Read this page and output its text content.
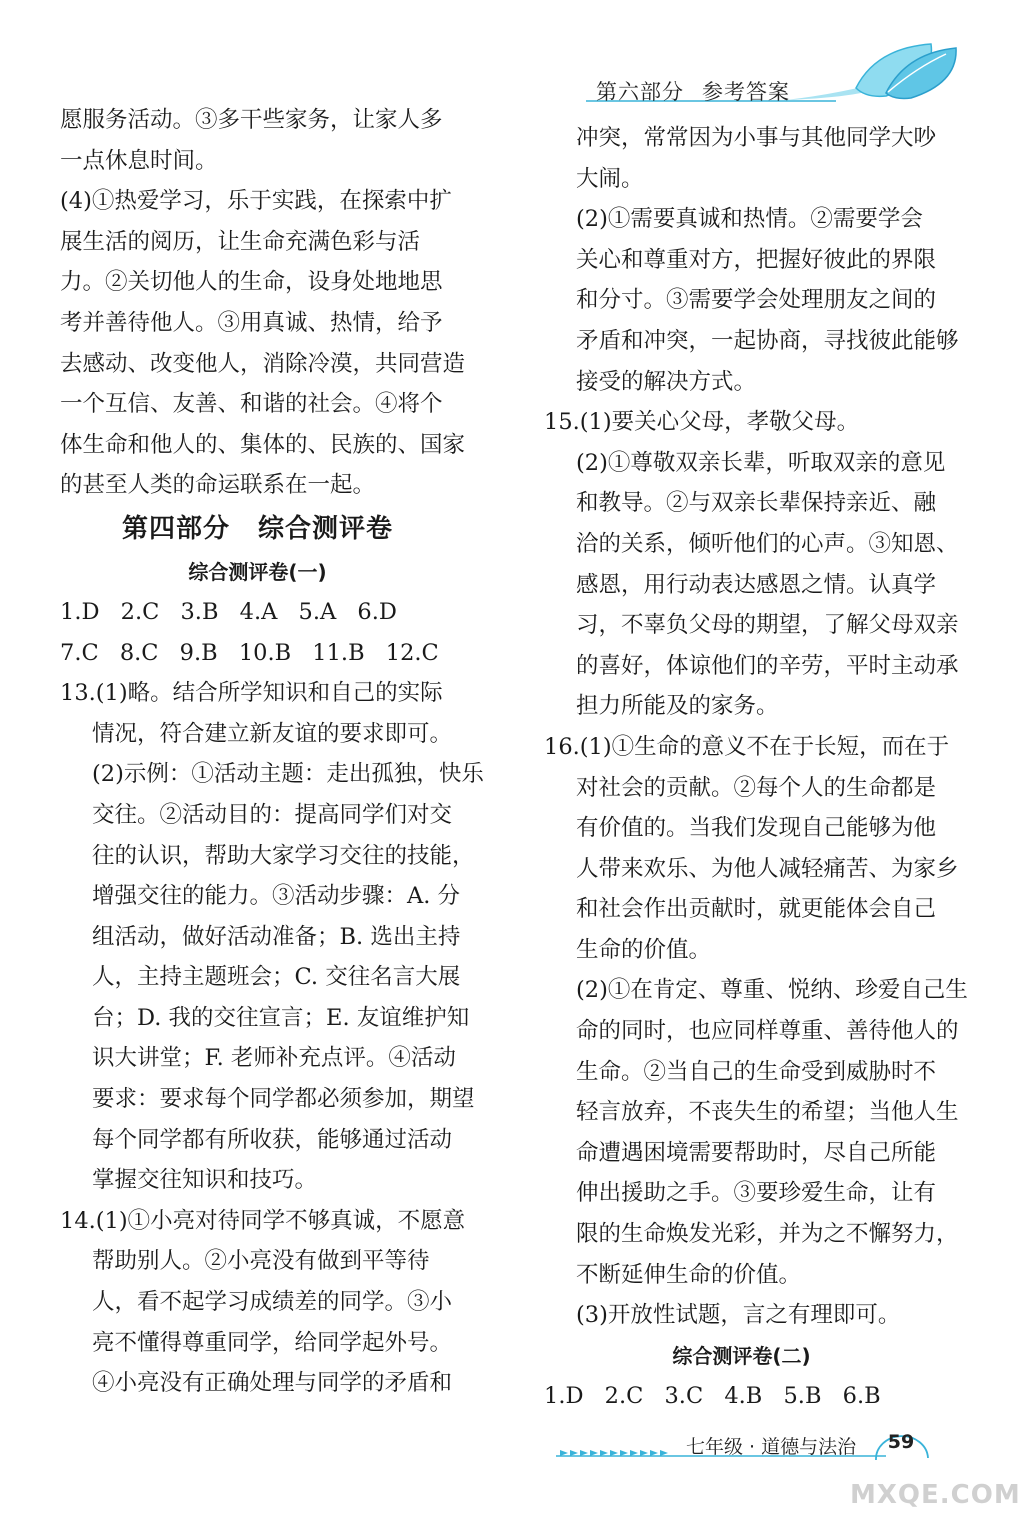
第六部分 参考答案
愿服务活动。③多干些家务，让家人多
一点休息时间。
(4)①热爱学习，乐于实践，在探索中扩
展生活的阅历，让生命充满色彩与活
力。②关切他人的生命，设身处地地思
考并善待他人。③用真诚、热情，给予
去感动、改变他人，消除冷漠，共同营造
一个互信、友善、和谐的社会。④将个
体生命和他人的、集体的、民族的、国家
的甚至人类的命运联系在一起。
第四部分 综合测评卷
综合测评卷(一)
1.D 2.C 3.B 4.A 5.A 6.D
7.C 8.C 9.B 10.B 11.B 12.C
13.(1)略。结合所学知识和自己的实际
情况，符合建立新友谊的要求即可。
(2)示例：①活动主题：走出孤独，快乐
交往。②活动目的：提高同学们对交
往的认识，帮助大家学习交往的技能，
增强交往的能力。③活动步骤：A. 分
组活动，做好活动准备；B. 选出主持
人，主持主题班会；C. 交往名言大展
台；D. 我的交往宣言；E. 友谊维护知
识大讲堂；F. 老师补充点评。④活动
要求：要求每个同学都必须参加，期望
每个同学都有所收获，能够通过活动
掌握交往知识和技巧。
14.(1)①小亮对待同学不够真诚，不愿意
帮助别人。②小亮没有做到平等待
人，看不起学习成绩差的同学。③小
亮不懂得尊重同学，给同学起外号。
④小亮没有正确处理与同学的矛盾和
冲突，常常因为小事与其他同学大吵
大闹。
(2)①需要真诚和热情。②需要学会
关心和尊重对方，把握好彼此的界限
和分寸。③需要学会处理朋友之间的
矛盾和冲突，一起协商，寻找彼此能够
接受的解决方式。
15.(1)要关心父母，孝敬父母。
(2)①尊敬双亲长辈，听取双亲的意见
和教导。②与双亲长辈保持亲近、融
洽的关系，倾听他们的心声。③知恩、
感恩，用行动表达感恩之情。认真学
习，不辜负父母的期望，了解父母双亲
的喜好，体谅他们的辛劳，平时主动承
担力所能及的家务。
16.(1)①生命的意义不在于长短，而在于
对社会的贡献。②每个人的生命都是
有价值的。当我们发现自己能够为他
人带来欢乐、为他人减轻痛苦、为家乡
和社会作出贡献时，就更能体会自己
生命的价值。
(2)①在肯定、尊重、悦纳、珍爱自己生
命的同时，也应同样尊重、善待他人的
生命。②当自己的生命受到威胁时不
轻言放弃，不丧失生的希望；当他人生
命遭遇困境需要帮助时，尽自己所能
伸出援助之手。③要珍爱生命，让有
限的生命焕发光彩，并为之不懈努力，
不断延伸生命的价值。
(3)开放性试题，言之有理即可。
综合测评卷(二)
1.D 2.C 3.C 4.B 5.B 6.B
七年级 · 道德与法治	59
MXQE.COM
